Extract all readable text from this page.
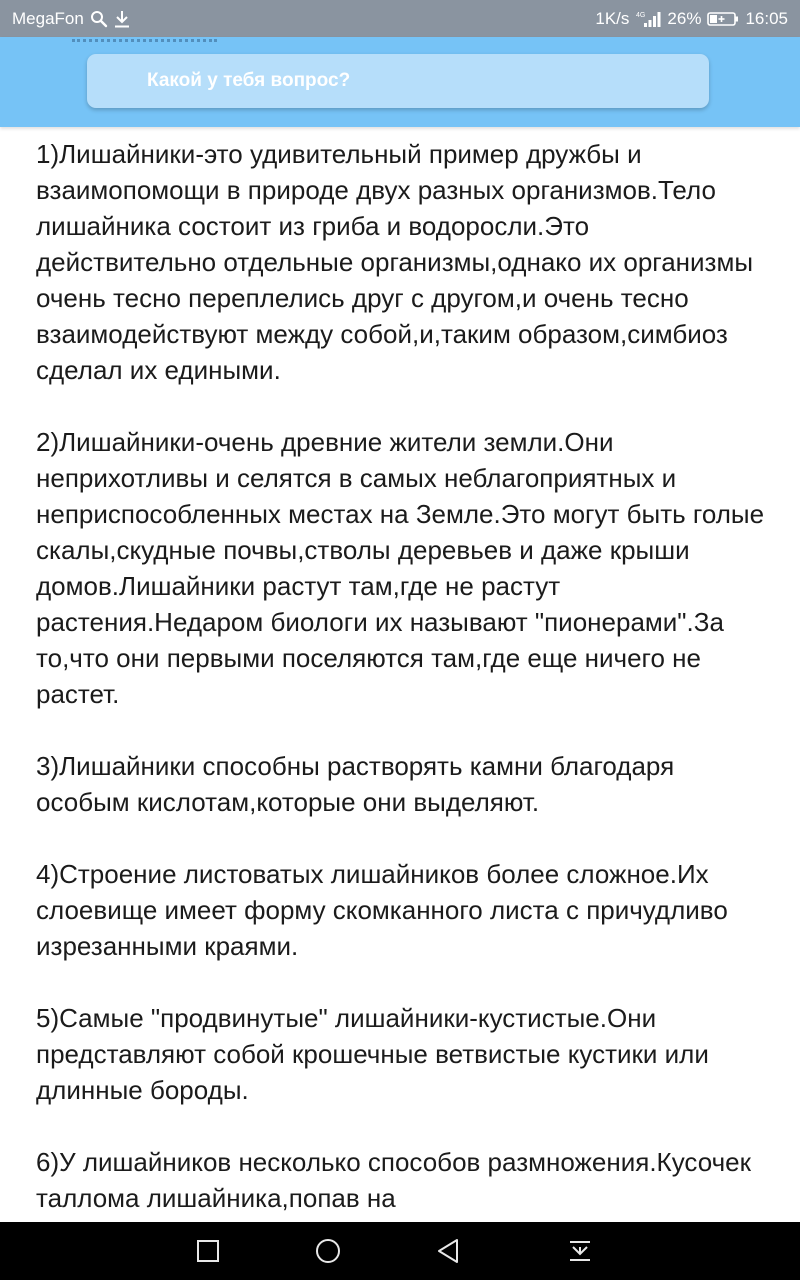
MegaFon	1K/s 4G 26%	16:05
Какой у тебя вопрос?

1)Лишайники-это удивительный пример дружбы и взаимопомощи в природе двух разных организмов.Тело лишайника состоит из гриба и водоросли.Это действительно отдельные организмы,однако их организмы очень тесно переплелись друг с другом,и очень тесно взаимодействуют между собой,и,таким образом,симбиоз сделал их едиными.

2)Лишайники-очень древние жители земли.Они неприхотливы и селятся в самых неблагоприятных и неприспособленных местах на Земле.Это могут быть голые скалы,скудные почвы,стволы деревьев и даже крыши домов.Лишайники растут там,где не растут растения.Недаром биологи их называют "пионерами".За то,что они первыми поселяются там,где еще ничего не растет.

3)Лишайники способны растворять камни благодаря особым кислотам,которые они выделяют.

4)Строение листоватых лишайников более сложное.Их слоевище имеет форму скомканного листа с причудливо изрезанными краями.

5)Самые "продвинутые" лишайники-кустистые.Они представляют собой крошечные ветвистые кустики или длинные бороды.

6)У лишайников несколько способов размножения.Кусочек таллома лишайника,попав на
